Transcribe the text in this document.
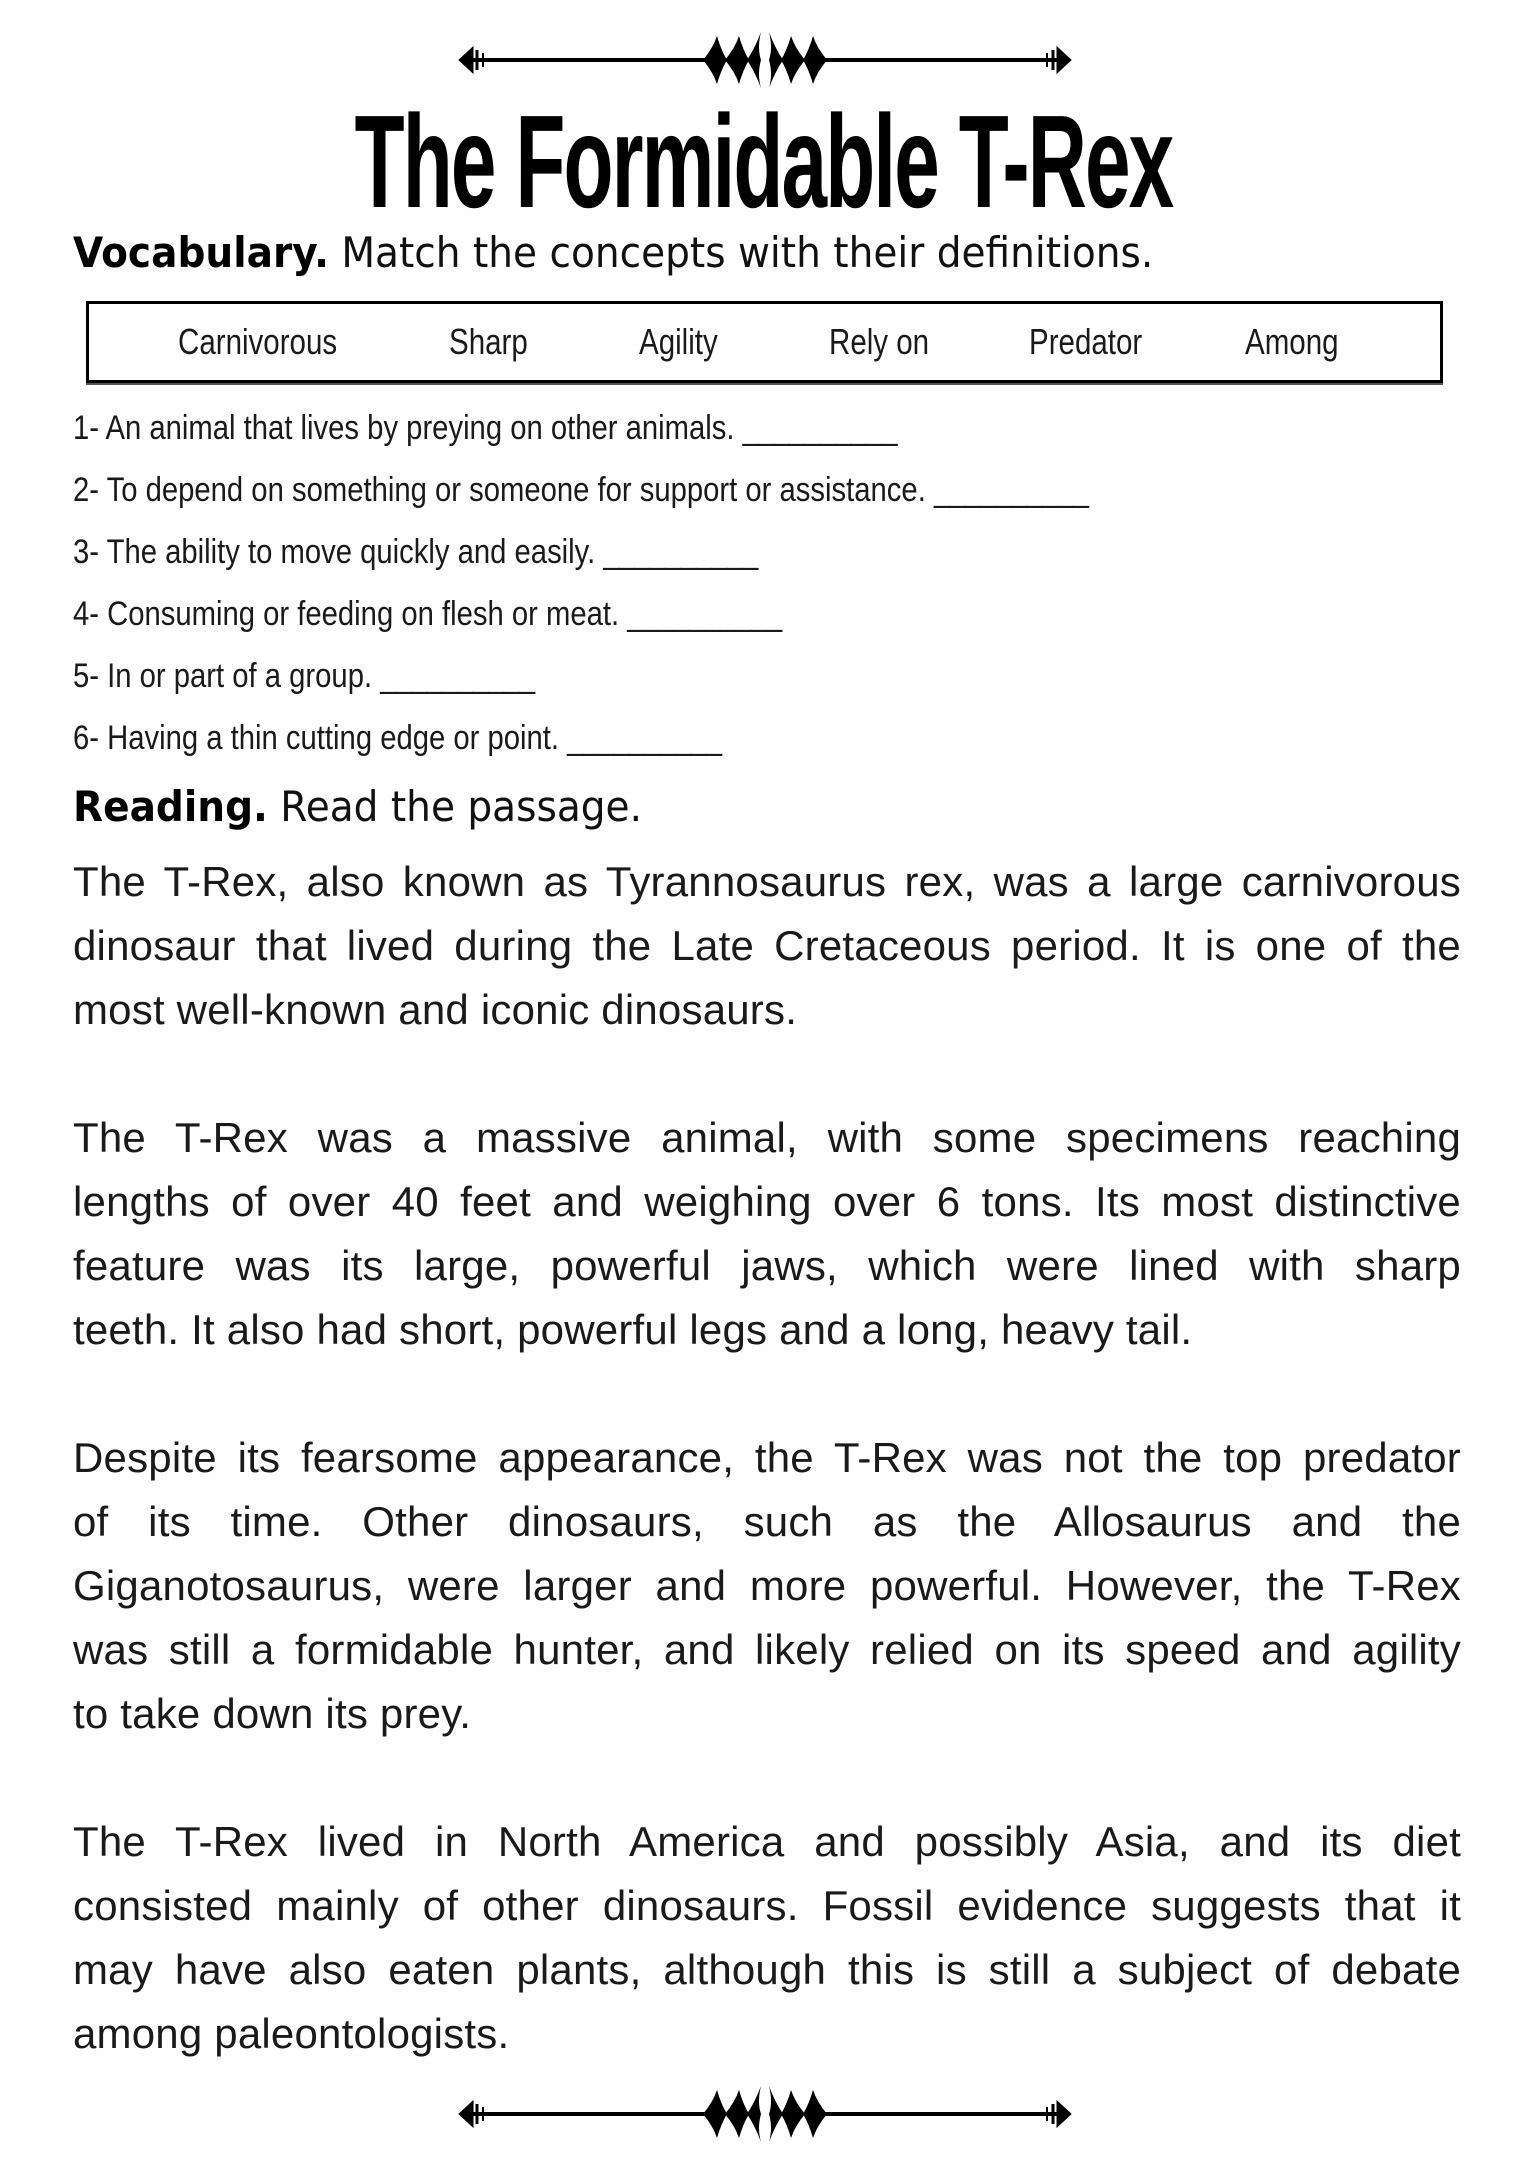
The Formidable T-Rex
Vocabulary. Match the concepts with their definitions.
Carnivorous	Sharp	Agility	Rely on	Predator	Among
1- An animal that lives by preying on other animals. __________
2- To depend on something or someone for support or assistance. __________
3- The ability to move quickly and easily. __________
4- Consuming or feeding on flesh or meat. __________
5- In or part of a group. __________
6- Having a thin cutting edge or point. __________
Reading. Read the passage.
The T-Rex, also known as Tyrannosaurus rex, was a large carnivorous
dinosaur that lived during the Late Cretaceous period. It is one of the
most well-known and iconic dinosaurs.
The T-Rex was a massive animal, with some specimens reaching
lengths of over 40 feet and weighing over 6 tons. Its most distinctive
feature was its large, powerful jaws, which were lined with sharp
teeth. It also had short, powerful legs and a long, heavy tail.
Despite its fearsome appearance, the T-Rex was not the top predator
of its time. Other dinosaurs, such as the Allosaurus and the
Giganotosaurus, were larger and more powerful. However, the T-Rex
was still a formidable hunter, and likely relied on its speed and agility
to take down its prey.
The T-Rex lived in North America and possibly Asia, and its diet
consisted mainly of other dinosaurs. Fossil evidence suggests that it
may have also eaten plants, although this is still a subject of debate
among paleontologists.
